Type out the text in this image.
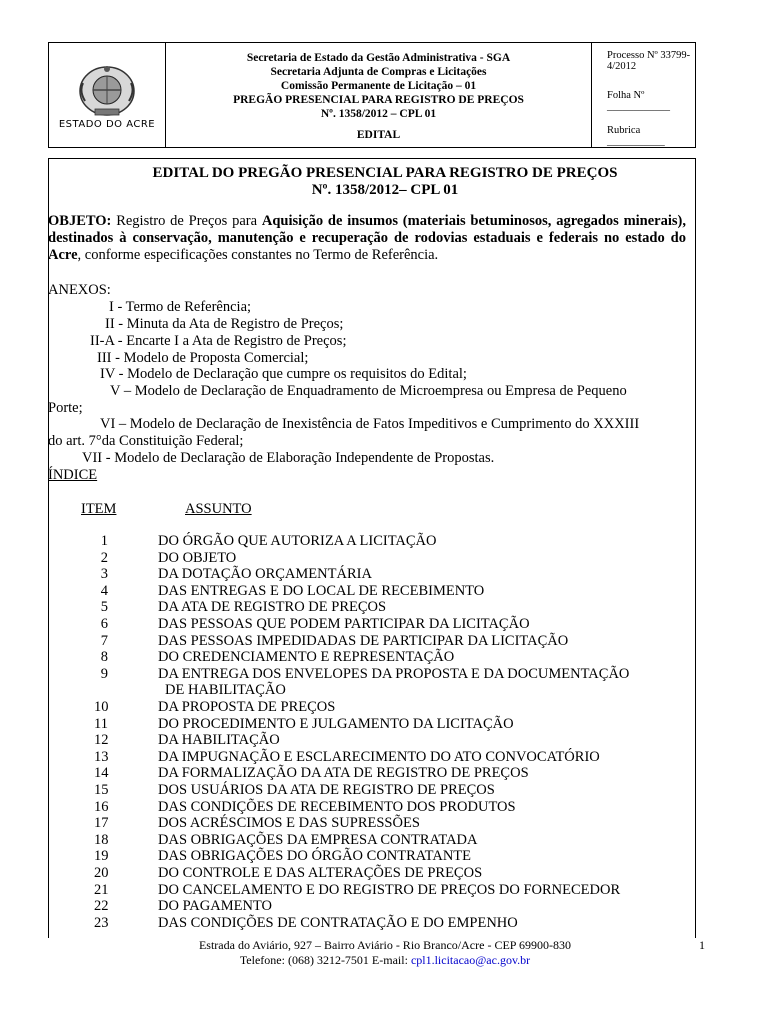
ESTADO DO ACRE
Secretaria de Estado da Gestão Administrativa - SGA
Secretaria Adjunta de Compras e Licitações
Comissão Permanente de Licitação – 01
PREGÃO PRESENCIAL PARA REGISTRO DE PREÇOS
Nº. 1358/2012 – CPL 01
EDITAL
Processo Nº 33799-4/2012
Folha Nº ____________
Rubrica ___________
EDITAL DO PREGÃO PRESENCIAL PARA REGISTRO DE PREÇOS
Nº. 1358/2012– CPL 01
OBJETO: Registro de Preços para Aquisição de insumos (materiais betuminosos, agregados minerais), destinados à conservação, manutenção e recuperação de rodovias estaduais e federais no estado do Acre, conforme especificações constantes no Termo de Referência.
ANEXOS:
I - Termo de Referência;
II - Minuta da Ata de Registro de Preços;
II-A - Encarte I a Ata de Registro de Preços;
III - Modelo de Proposta Comercial;
IV - Modelo de Declaração que cumpre os requisitos do Edital;
V – Modelo de Declaração de Enquadramento de Microempresa ou Empresa de Pequeno
Porte;
VI – Modelo de Declaração de Inexistência de Fatos Impeditivos e Cumprimento do XXXIII
do art. 7°da Constituição Federal;
VII - Modelo de Declaração de Elaboração Independente de Propostas.
ÍNDICE
ITEM	ASSUNTO
1	DO ÓRGÃO QUE AUTORIZA A LICITAÇÃO
2	DO OBJETO
3	DA DOTAÇÃO ORÇAMENTÁRIA
4	DAS ENTREGAS E DO LOCAL DE RECEBIMENTO
5	DA ATA DE REGISTRO DE PREÇOS
6	DAS PESSOAS QUE PODEM PARTICIPAR DA LICITAÇÃO
7	DAS PESSOAS IMPEDIDADAS DE PARTICIPAR DA LICITAÇÃO
8	DO CREDENCIAMENTO E REPRESENTAÇÃO
9	DA ENTREGA DOS ENVELOPES DA PROPOSTA E DA DOCUMENTAÇÃO
DE HABILITAÇÃO
10	DA PROPOSTA DE PREÇOS
11	DO PROCEDIMENTO E JULGAMENTO DA LICITAÇÃO
12	DA HABILITAÇÃO
13	DA IMPUGNAÇÃO E ESCLARECIMENTO DO ATO CONVOCATÓRIO
14	DA FORMALIZAÇÃO DA ATA DE REGISTRO DE PREÇOS
15	DOS USUÁRIOS DA ATA DE REGISTRO DE PREÇOS
16	DAS CONDIÇÕES DE RECEBIMENTO DOS PRODUTOS
17	DOS ACRÉSCIMOS E DAS SUPRESSÕES
18	DAS OBRIGAÇÕES DA EMPRESA CONTRATADA
19	DAS OBRIGAÇÕES DO ÓRGÃO CONTRATANTE
20	DO CONTROLE E DAS ALTERAÇÕES DE PREÇOS
21	DO CANCELAMENTO E DO REGISTRO DE PREÇOS DO FORNECEDOR
22	DO PAGAMENTO
23	DAS CONDIÇÕES DE CONTRATAÇÃO E DO EMPENHO
Estrada do Aviário, 927 – Bairro Aviário - Rio Branco/Acre - CEP 69900-830
Telefone: (068) 3212-7501 E-mail: cpl1.licitacao@ac.gov.br
1
